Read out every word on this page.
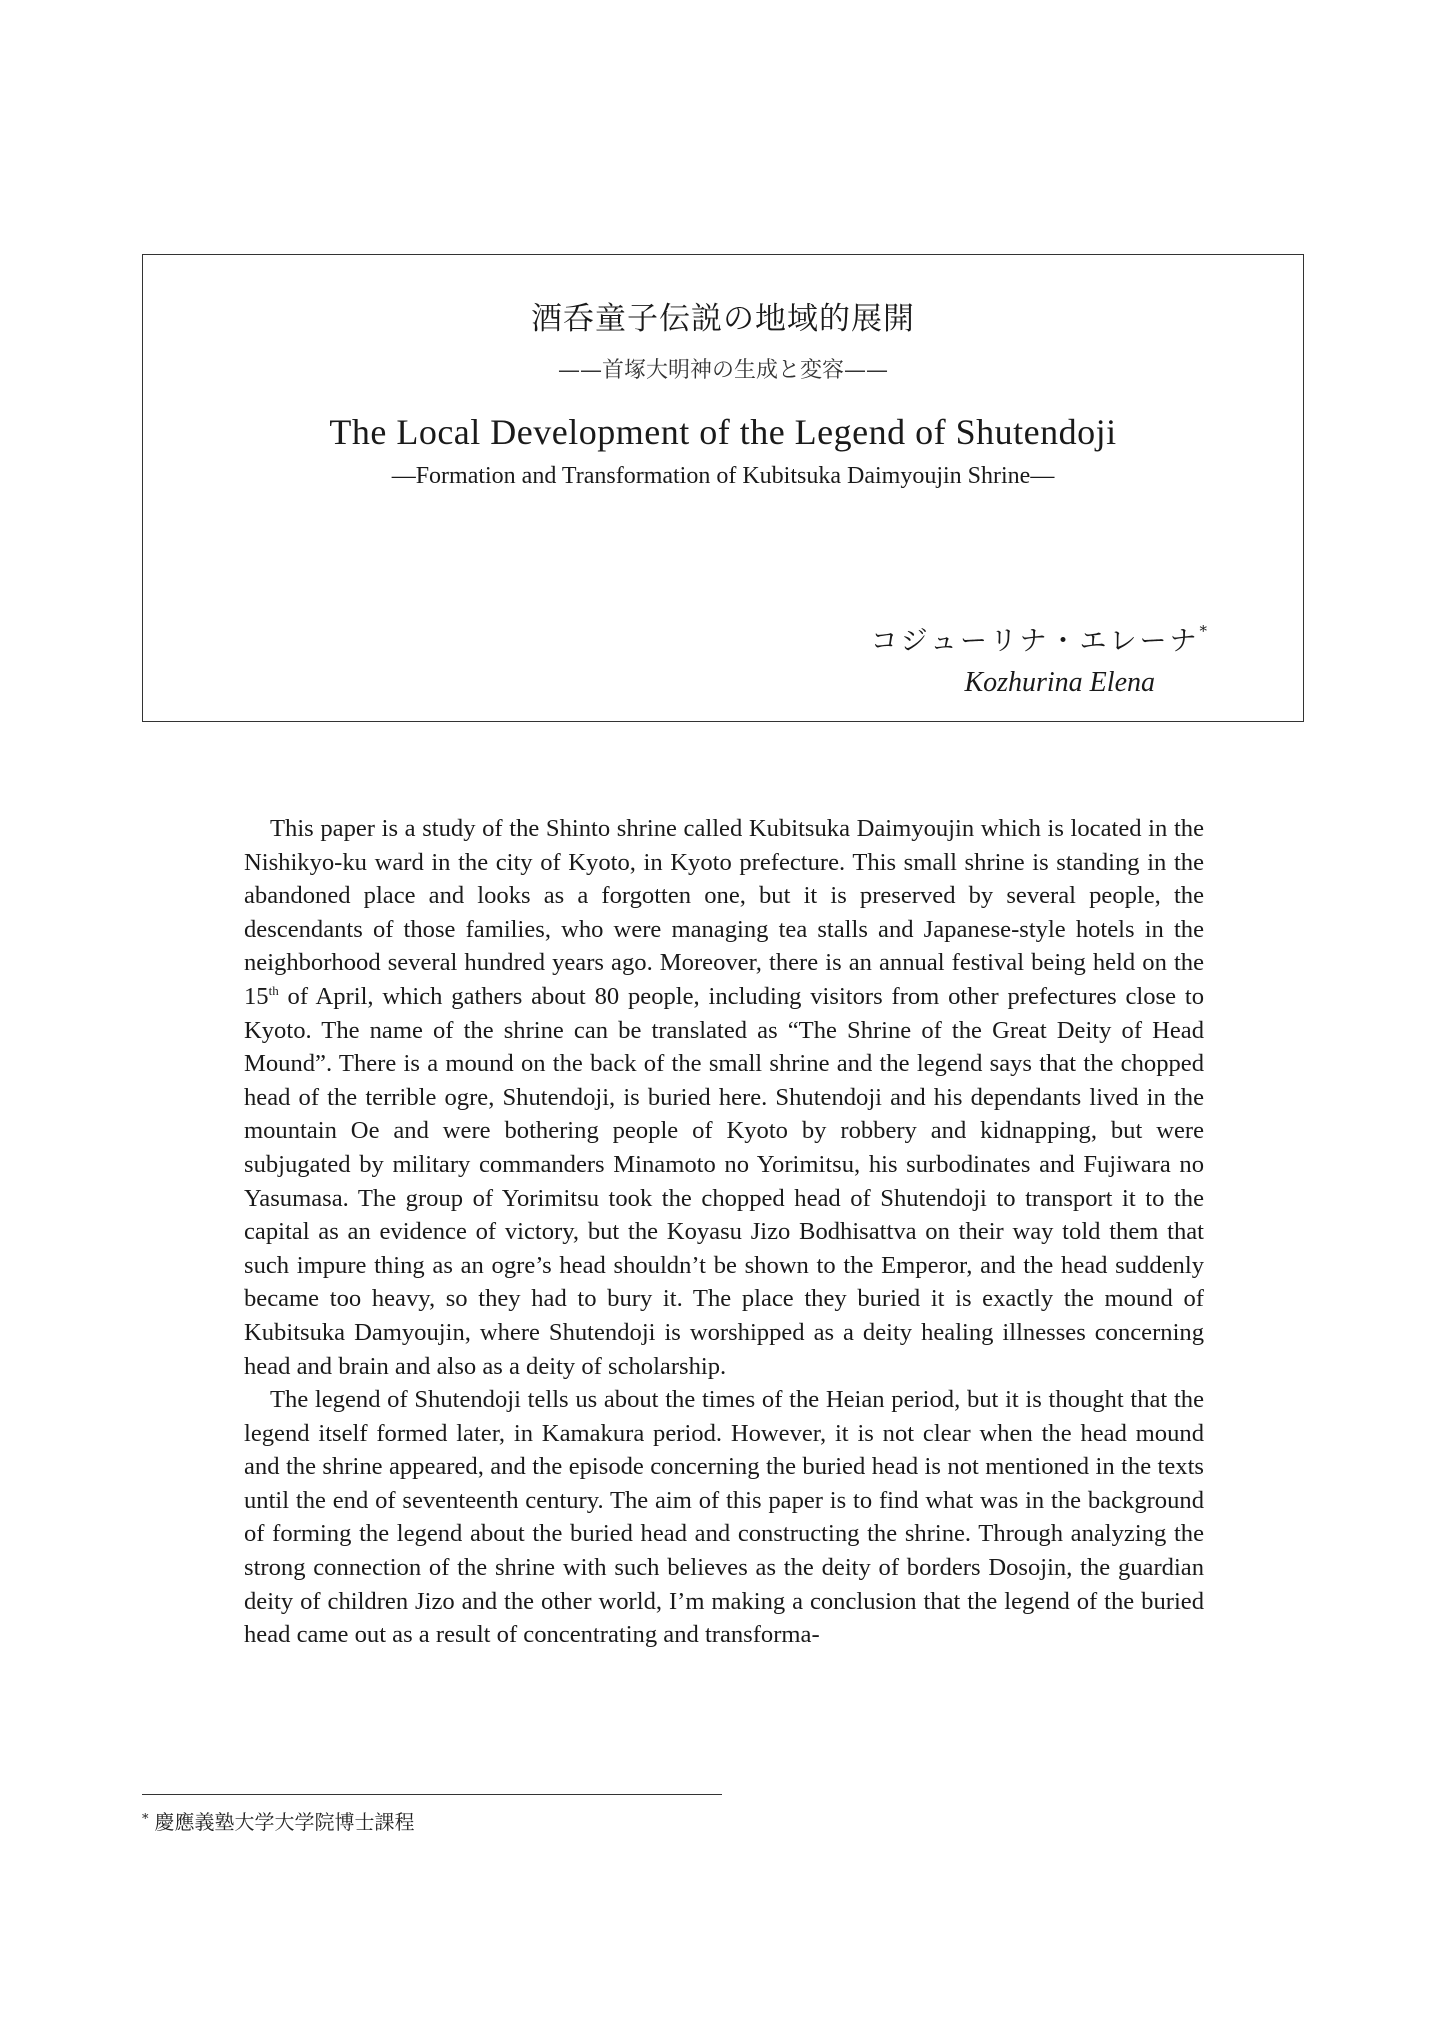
酒呑童子伝説の地域的展開
——首塚大明神の生成と変容——
The Local Development of the Legend of Shutendoji
—Formation and Transformation of Kubitsuka Daimyoujin Shrine—
コジューリナ・エレーナ*
Kozhurina Elena

This paper is a study of the Shinto shrine called Kubitsuka Daimyoujin which is located in the Nishikyo-ku ward in the city of Kyoto, in Kyoto prefecture. This small shrine is standing in the abandoned place and looks as a forgotten one, but it is preserved by several people, the descendants of those families, who were managing tea stalls and Japanese-style hotels in the neighborhood several hundred years ago. Moreover, there is an annual festival being held on the 15th of April, which gathers about 80 people, including visitors from other prefectures close to Kyoto. The name of the shrine can be translated as “The Shrine of the Great Deity of Head Mound”. There is a mound on the back of the small shrine and the legend says that the chopped head of the terrible ogre, Shutendoji, is buried here. Shutendoji and his dependants lived in the mountain Oe and were bothering people of Kyoto by robbery and kidnapping, but were subjugated by military commanders Minamoto no Yorimitsu, his surbodinates and Fujiwara no Yasumasa. The group of Yorimitsu took the chopped head of Shutendoji to transport it to the capital as an evidence of victory, but the Koyasu Jizo Bodhisattva on their way told them that such impure thing as an ogre’s head shouldn’t be shown to the Emperor, and the head suddenly became too heavy, so they had to bury it. The place they buried it is exactly the mound of Kubitsuka Damyoujin, where Shutendoji is worshipped as a deity healing illnesses concerning head and brain and also as a deity of scholarship.

The legend of Shutendoji tells us about the times of the Heian period, but it is thought that the legend itself formed later, in Kamakura period. However, it is not clear when the head mound and the shrine appeared, and the episode concerning the buried head is not mentioned in the texts until the end of seventeenth century. The aim of this paper is to find what was in the background of forming the legend about the buried head and constructing the shrine. Through analyzing the strong connection of the shrine with such believes as the deity of borders Dosojin, the guardian deity of children Jizo and the other world, I’m making a conclusion that the legend of the buried head came out as a result of concentrating and transforma-

* 慶應義塾大学大学院博士課程
